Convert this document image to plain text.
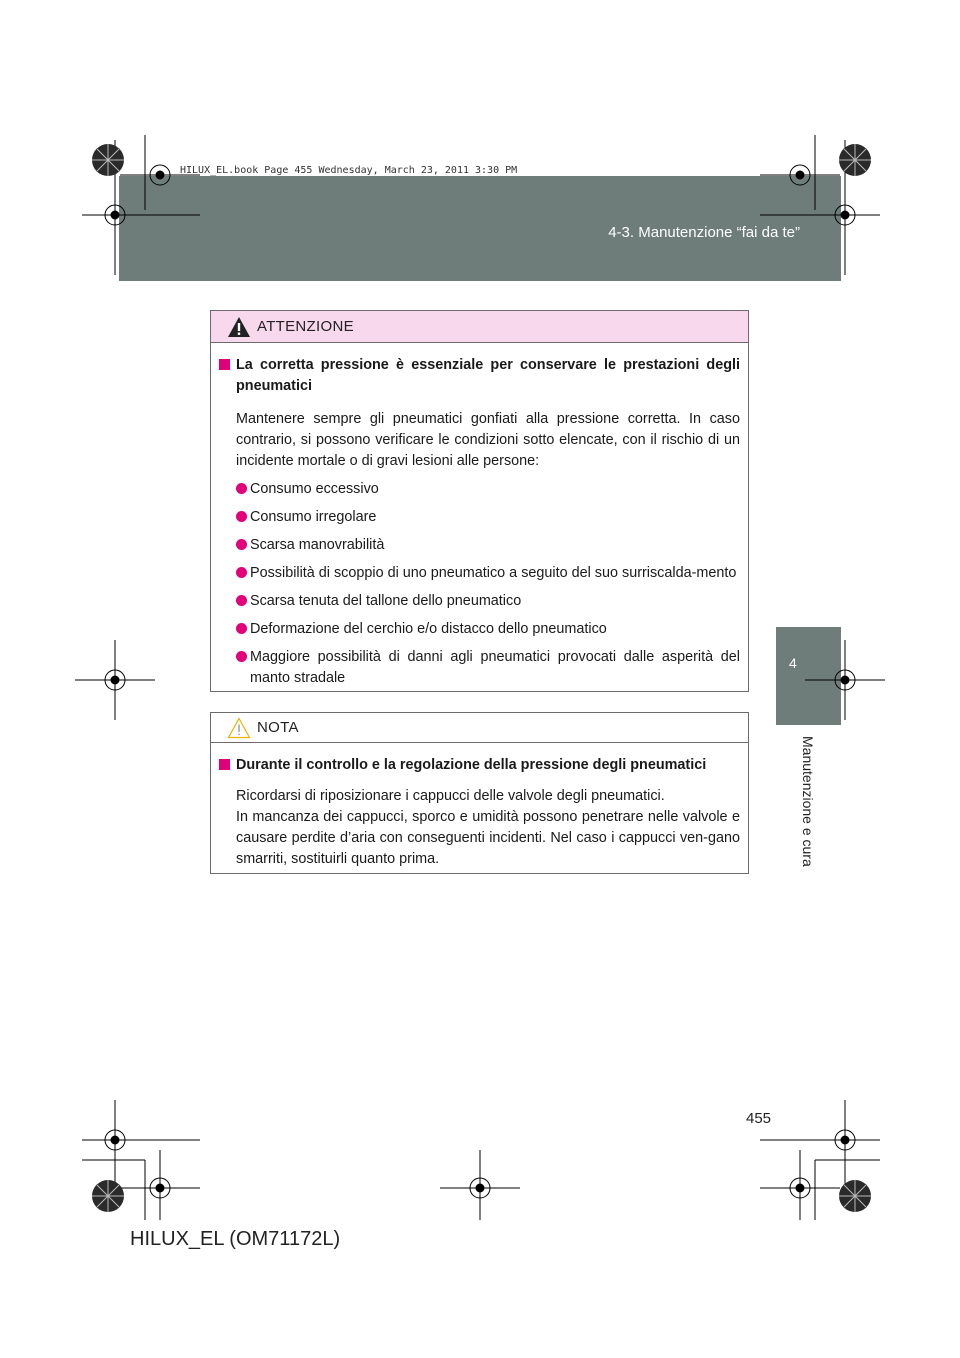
HILUX_EL.book Page 455 Wednesday, March 23, 2011 3:30 PM
4-3. Manutenzione “fai da te”
4
Manutenzione e cura
ATTENZIONE
La corretta pressione è essenziale per conservare le prestazioni degli pneumatici
Mantenere sempre gli pneumatici gonfiati alla pressione corretta. In caso contrario, si possono verificare le condizioni sotto elencate, con il rischio di un incidente mortale o di gravi lesioni alle persone:
Consumo eccessivo
Consumo irregolare
Scarsa manovrabilità
Possibilità di scoppio di uno pneumatico a seguito del suo surriscalda-mento
Scarsa tenuta del tallone dello pneumatico
Deformazione del cerchio e/o distacco dello pneumatico
Maggiore possibilità di danni agli pneumatici provocati dalle asperità del manto stradale
NOTA
Durante il controllo e la regolazione della pressione degli pneumatici
Ricordarsi di riposizionare i cappucci delle valvole degli pneumatici.
In mancanza dei cappucci, sporco e umidità possono penetrare nelle valvole e causare perdite d’aria con conseguenti incidenti. Nel caso i cappucci ven-gano smarriti, sostituirli quanto prima.
455
HILUX_EL (OM71172L)
